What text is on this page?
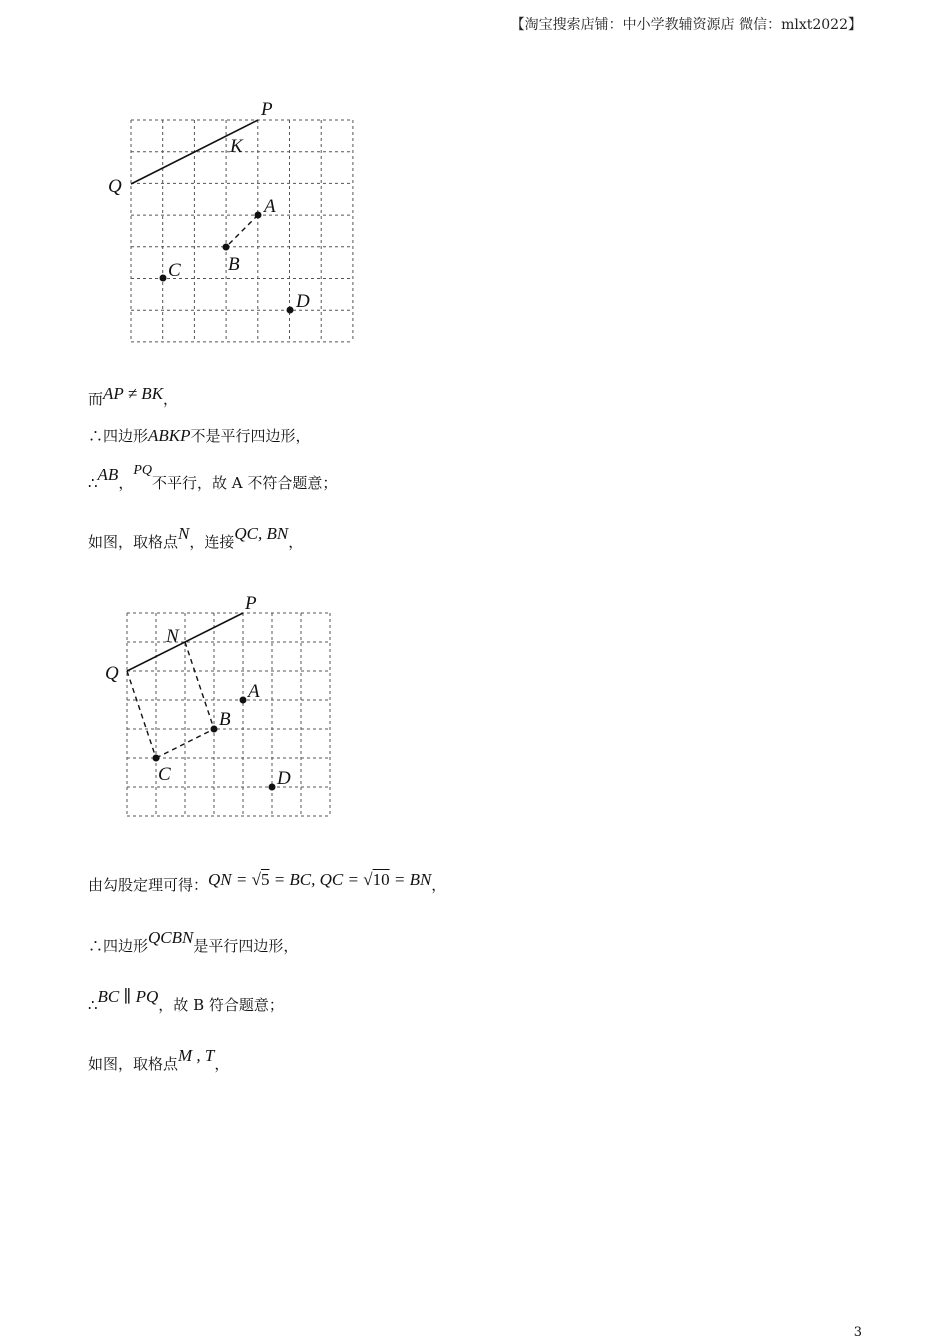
【淘宝搜索店铺：中小学教辅资源店 微信：mlxt2022】
P
K
Q
A
B
C
D
而AP ≠ BK，
∴四边形ABKP不是平行四边形，
∴AB，PQ不平行，故 A 不符合题意；
如图，取格点N，连接QC, BN，
P
N
Q
A
B
C	D
由勾股定理可得：QN = √5 = BC, QC = √10 = BN，
∴四边形QCBN是平行四边形，
∴BC ∥ PQ，故 B 符合题意；
如图，取格点M , T，
3
